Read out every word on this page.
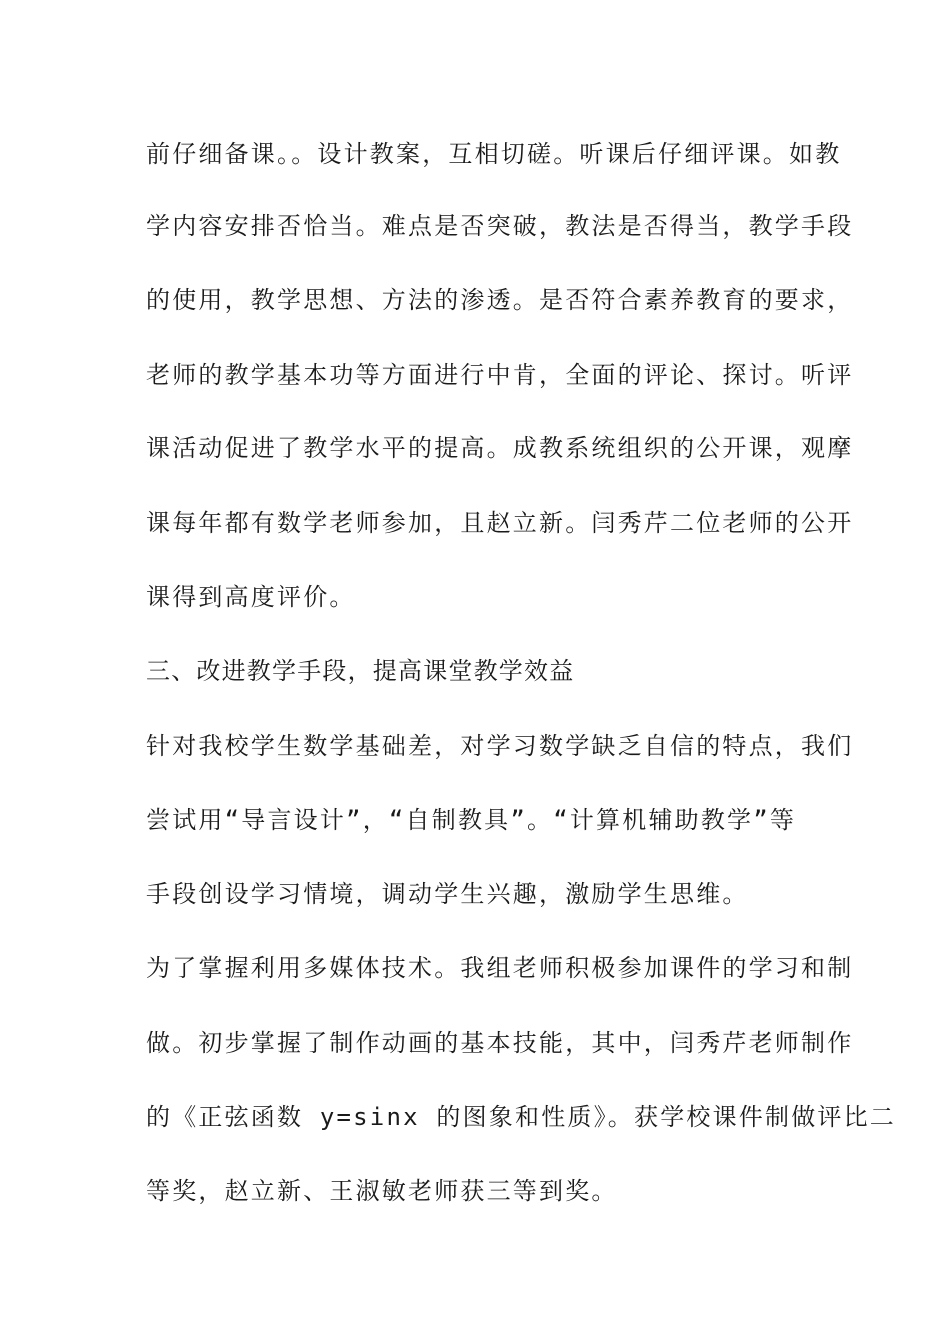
前仔细备课。。设计教案，互相切磋。听课后仔细评课。如教
学内容安排否恰当。难点是否突破，教法是否得当，教学手段
的使用，教学思想、方法的渗透。是否符合素养教育的要求，
老师的教学基本功等方面进行中肯，全面的评论、探讨。听评
课活动促进了教学水平的提高。成教系统组织的公开课，观摩
课每年都有数学老师参加，且赵立新。闫秀芹二位老师的公开
课得到高度评价。
三、改进教学手段，提高课堂教学效益
针对我校学生数学基础差，对学习数学缺乏自信的特点，我们
尝试用“导言设计”，“自制教具”。“计算机辅助教学”等
手段创设学习情境，调动学生兴趣，激励学生思维。
为了掌握利用多媒体技术。我组老师积极参加课件的学习和制
做。初步掌握了制作动画的基本技能，其中，闫秀芹老师制作
的《正弦函数 y=sinx 的图象和性质》。获学校课件制做评比二
等奖，赵立新、王淑敏老师获三等到奖。
